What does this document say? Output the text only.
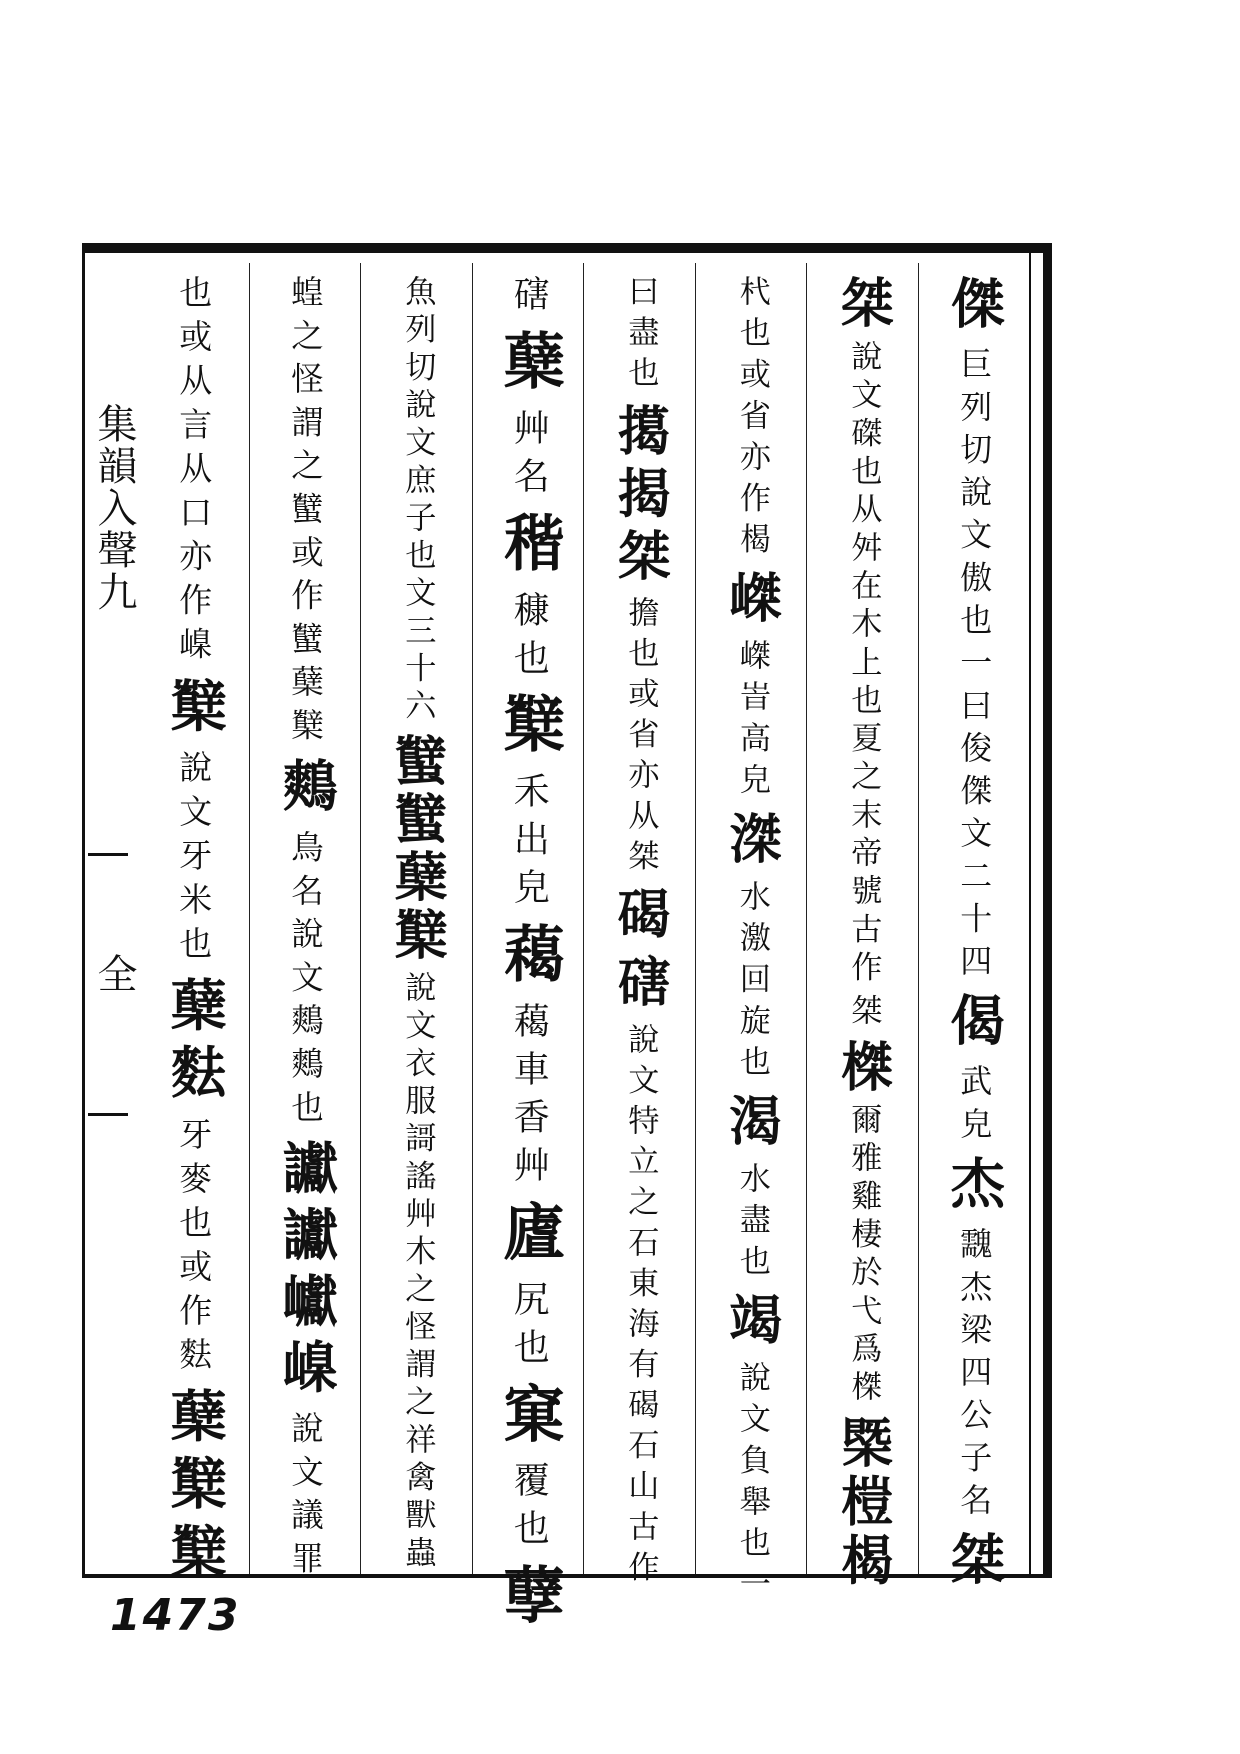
傑
巨列切說文傲也一曰俊傑文二十四
偈
武皃
杰
䰰杰梁四公子名
桀
桀
說文磔也从舛在木上也夏之末帝號古作
桀
榤
爾雅雞棲於弋爲榤
㮣榿楬
杙也或省亦作楬
嵥
嵥峕高皃
滐
水激回旋也
渴
水盡也
竭
說文負舉也一
曰盡也
擖揭桀
擔也或省亦从桀
碣
磍
說文特立之石東海有碣石山古作
磍
蘖
艸名
稭
穅也
櫱
禾出皃
藒
藒車香艸
㢒
尻也
窠
覆也
孽
魚列切說文庶子也文三十六
蠥蠥蘖櫱
說文衣服謌謠艸木之怪謂之祥禽獸蟲
蝗之怪謂之蠥或作蠥蘖櫱
鷞
鳥名說文鷞鷞也
讞讞巘嵲
說文議罪
也或从言从口亦作嵲
櫱
說文牙米也
蘖麮
牙麥也或作麮
蘖櫱櫱
集韻入聲九
全
1473
